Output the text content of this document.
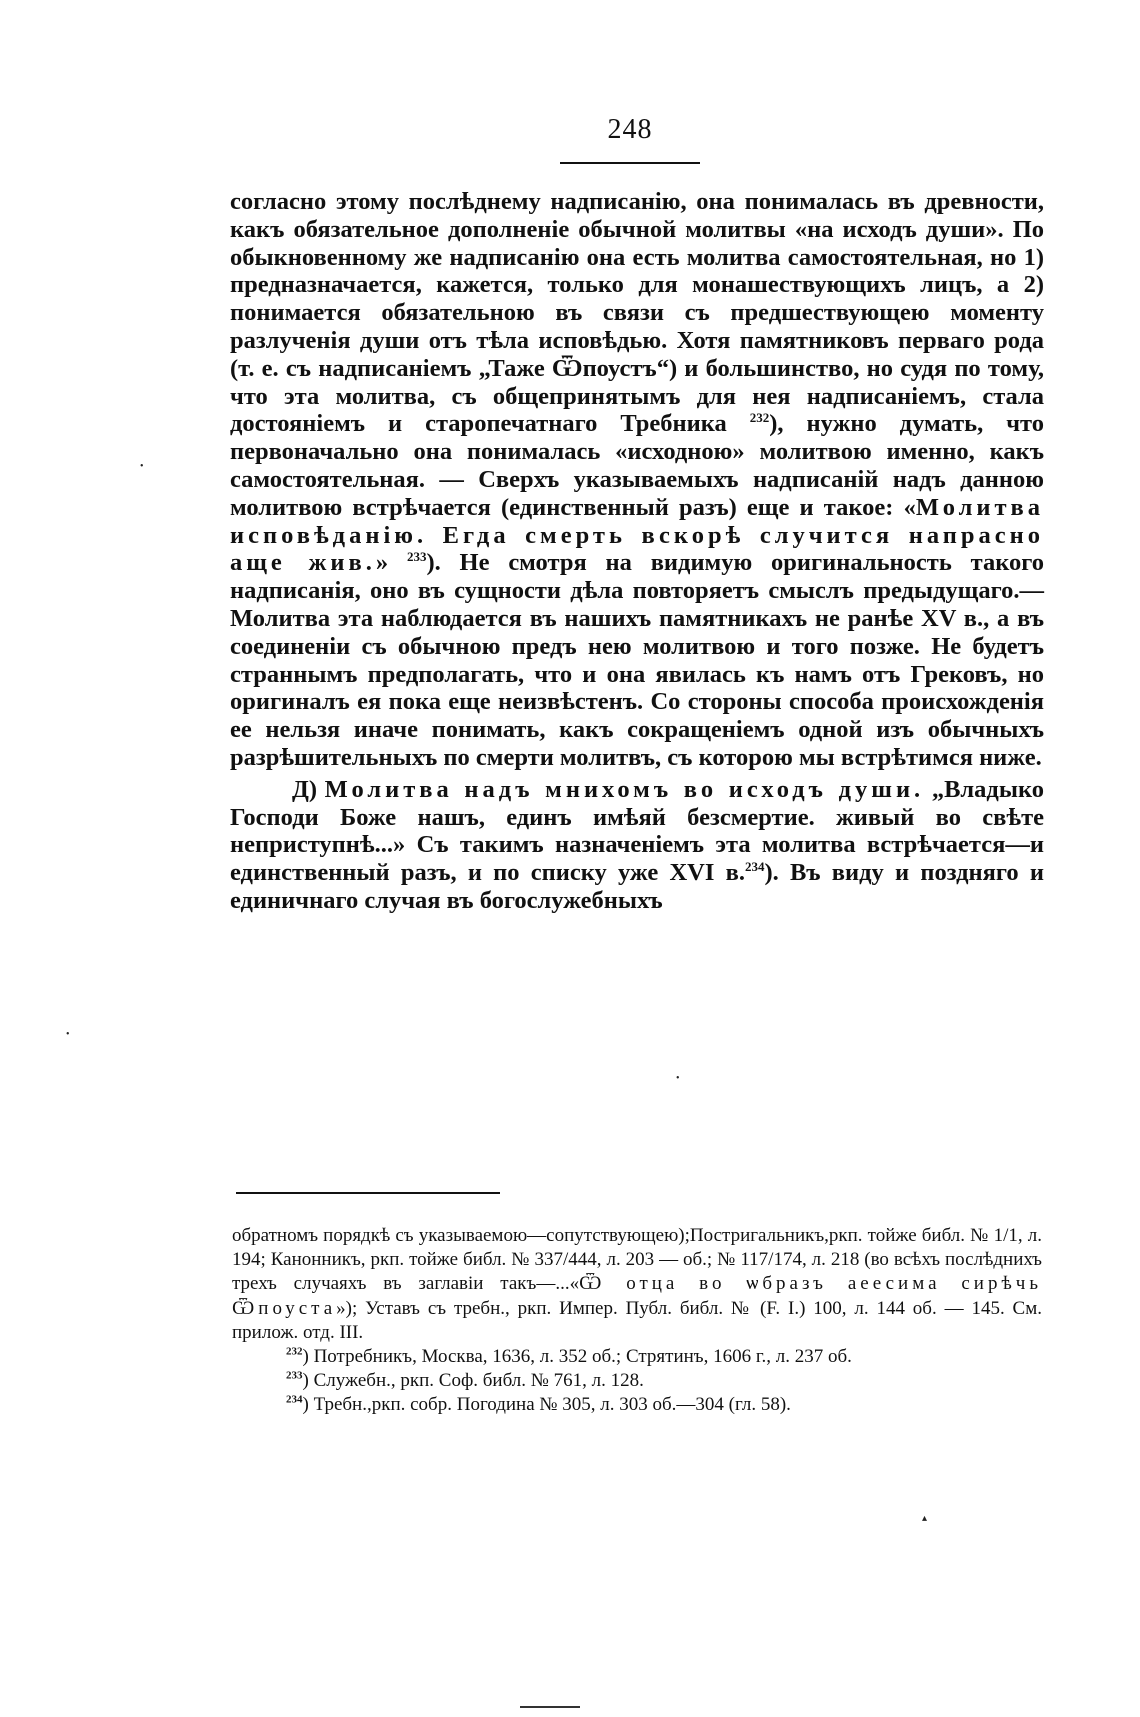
248

согласно этому послѣднему надписанію, она понималась въ древности, какъ обязательное дополненіе обычной молитвы «на исходъ души». По обыкновенному же надписанію она есть молитва самостоятельная, но 1) предназначается, кажется, только для монашествующихъ лицъ, а 2) понимается обязательною въ связи съ предшествующею моменту разлученія души отъ тѣла исповѣдью. Хотя памятниковъ перваго рода (т. е. съ надписаніемъ „Таже Ѿпоустъ“) и большинство, но судя по тому, что эта молитва, съ общепринятымъ для нея надписаніемъ, стала достояніемъ и старопечатнаго Требника $^{232}$), нужно думать, что первоначально она понималась «исходною» молитвою именно, какъ самостоятельная. — Сверхъ указываемыхъ надписаній надъ данною молитвою встрѣчается (единственный разъ) еще и такое: «Молитва исповѣданію. Егда смерть вскорѣ случится напрасно аще жив.» $^{233}$). Не смотря на видимую оригинальность такого надписанія, оно въ сущности дѣла повторяетъ смыслъ предыдущаго.—Молитва эта наблюдается въ нашихъ памятникахъ не ранѣе XV в., а въ соединеніи съ обычною предъ нею молитвою и того позже. Не будетъ страннымъ предполагать, что и она явилась къ намъ отъ Грековъ, но оригиналъ ея пока еще неизвѣстенъ. Со стороны способа происхожденія ее нельзя иначе понимать, какъ сокращеніемъ одной изъ обычныхъ разрѣшительныхъ по смерти молитвъ, съ которою мы встрѣтимся ниже.

Д) Молитва надъ мнихомъ во исходъ души. „Владыко Господи Боже нашъ, единъ имѣяй безсмертие. живый во свѣте неприступнѣ...» Съ такимъ назначеніемъ эта молитва встрѣчается—и единственный разъ, и по списку уже XVI в.$^{234}$). Въ виду и поздняго и единичнаго случая въ богослужебныхъ

обратномъ порядкѣ съ указываемою—сопутствующею);Постригальникъ,ркп. тойже библ. № 1/1, л. 194; Канонникъ, ркп. тойже библ. № 337/444, л. 203 — об.; № 117/174, л. 218 (во всѣхъ послѣднихъ трехъ случаяхъ въ заглавіи такъ—...«Ѿ отца во ѡбразъ аеесима сирѣчь Ѿпоуста»); Уставъ съ требн., ркп. Импер. Публ. библ. № (F. I.) 100, л. 144 об. — 145. См. прилож. отд. III.

$^{232}$) Потребникъ, Москва, 1636, л. 352 об.; Стрятинъ, 1606 г., л. 237 об.

$^{233}$) Служебн., ркп. Соф. библ. № 761, л. 128.

$^{234}$) Требн.,ркп. собр. Погодина № 305, л. 303 об.—304 (гл. 58).

•
•
•
▴
